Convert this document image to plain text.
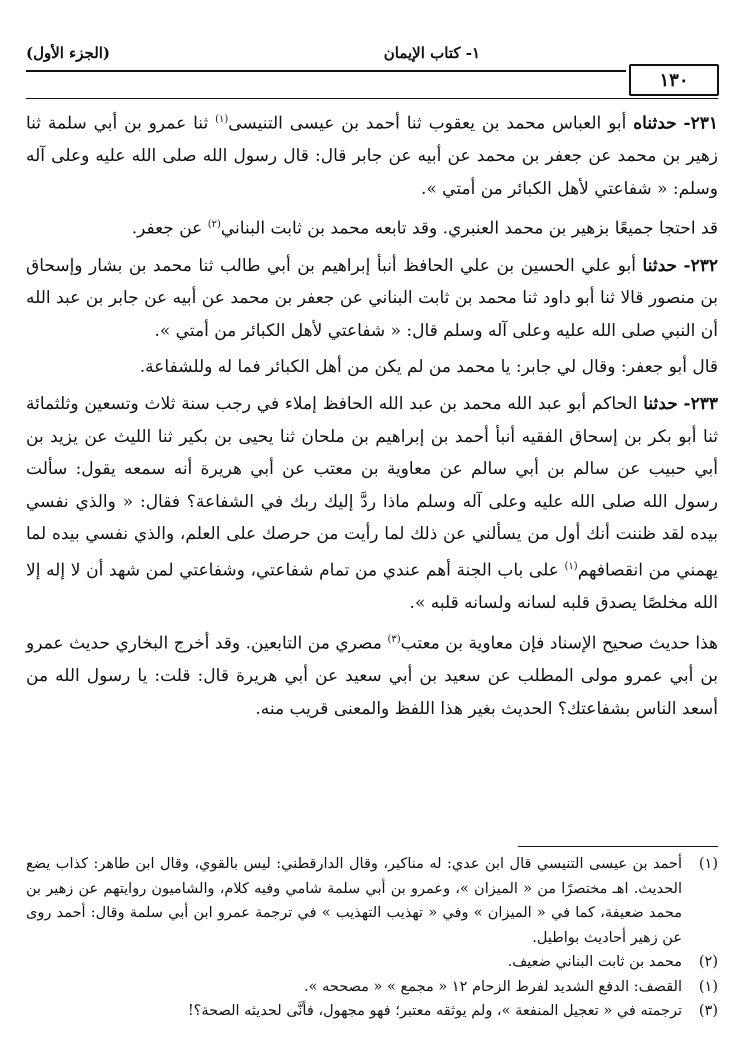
١- كتاب الإيمان
(الجزء الأول)
١٣٠

٢٣١- حدثناه أبو العباس محمد بن يعقوب ثنا أحمد بن عيسى التنيسى$^{(١)}$ ثنا عمرو بن أبي سلمة ثنا زهير بن محمد عن جعفر بن محمد عن أبيه عن جابر قال: قال رسول الله صلى الله عليه وعلى آله وسلم: « شفاعتي لأهل الكبائر من أمتي ».

قد احتجا جميعًا بزهير بن محمد العنبري. وقد تابعه محمد بن ثابت البناني$^{(٢)}$ عن جعفر.

٢٣٢- حدثنا أبو علي الحسين بن علي الحافظ أنبأ إبراهيم بن أبي طالب ثنا محمد بن بشار وإسحاق بن منصور قالا ثنا أبو داود ثنا محمد بن ثابت البناني عن جعفر بن محمد عن أبيه عن جابر بن عبد الله أن النبي صلى الله عليه وعلى آله وسلم قال: « شفاعتي لأهل الكبائر من أمتي ».

قال أبو جعفر: وقال لي جابر: يا محمد من لم يكن من أهل الكبائر فما له وللشفاعة.

٢٣٣- حدثنا الحاكم أبو عبد الله محمد بن عبد الله الحافظ إملاء في رجب سنة ثلاث وتسعين وثلثمائة ثنا أبو بكر بن إسحاق الفقيه أنبأ أحمد بن إبراهيم بن ملحان ثنا يحيى بن بكير ثنا الليث عن يزيد بن أبي حبيب عن سالم بن أبي سالم عن معاوية بن معتب عن أبي هريرة أنه سمعه يقول: سألت رسول الله صلى الله عليه وعلى آله وسلم ماذا ردَّ إليك ربك في الشفاعة؟ فقال: « والذي نفسي بيده لقد ظننت أنك أول من يسألني عن ذلك لما رأيت من حرصك على العلم، والذي نفسي بيده لما يهمني من انقصافهم$^{(١)}$ على باب الجنة أهم عندي من تمام شفاعتي، وشفاعتي لمن شهد أن لا إله إلا الله مخلصًا يصدق قلبه لسانه ولسانه قلبه ».

هذا حديث صحيح الإسناد فإن معاوية بن معتب$^{(٣)}$ مصري من التابعين. وقد أخرج البخاري حديث عمرو بن أبي عمرو مولى المطلب عن سعيد بن أبي سعيد عن أبي هريرة قال: قلت: يا رسول الله من أسعد الناس بشفاعتك؟ الحديث بغير هذا اللفظ والمعنى قريب منه.

(١)
أحمد بن عيسى التنيسي قال ابن عدي: له مناكير، وقال الدارقطني: ليس بالقوي، وقال ابن طاهر: كذاب يضع الحديث. اهـ مختصرًا من « الميزان »، وعمرو بن أبي سلمة شامي وفيه كلام، والشاميون روايتهم عن زهير بن محمد ضعيفة، كما في « الميزان » وفي « تهذيب التهذيب » في ترجمة عمرو ابن أبي سلمة وقال: أحمد روى عن زهير أحاديث بواطيل.
(٢)
محمد بن ثابت البناني ضعيف.
(١)
القصف: الدفع الشديد لفرط الزحام ١٢ « مجمع » « مصححه ».
(٣)
ترجمته في « تعجيل المنفعة »، ولم يوثقه معتبر؛ فهو مجهول، فأنَّى لحديثه الصحة؟!
